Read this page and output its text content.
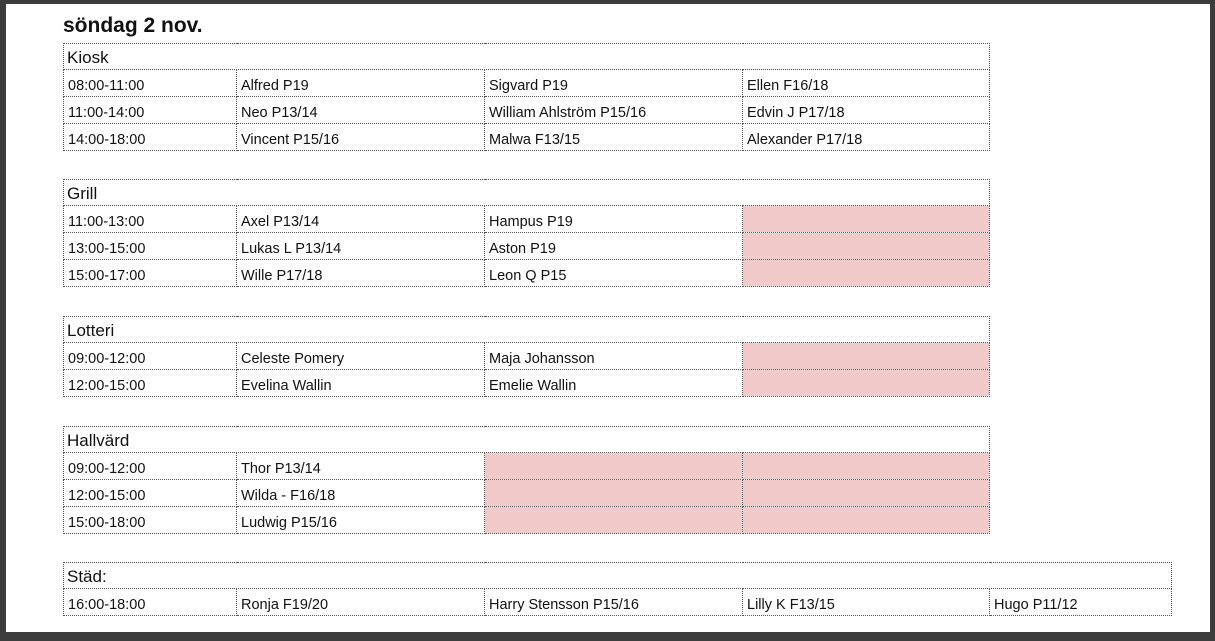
söndag 2 nov.
Kiosk			
08:00-11:00	Alfred P19	Sigvard P19	Ellen F16/18
11:00-14:00	Neo P13/14	William Ahlström P15/16	Edvin J P17/18
14:00-18:00	Vincent P15/16	Malwa F13/15	Alexander P17/18
Grill			
11:00-13:00	Axel P13/14	Hampus P19	
13:00-15:00	Lukas L P13/14	Aston P19	
15:00-17:00	Wille P17/18	Leon Q P15	
Lotteri			
09:00-12:00	Celeste Pomery	Maja Johansson	
12:00-15:00	Evelina Wallin	Emelie Wallin	
Hallvärd			
09:00-12:00	Thor P13/14		
12:00-15:00	Wilda - F16/18		
15:00-18:00	Ludwig P15/16		
Städ:
16:00-18:00	Ronja F19/20	Harry Stensson P15/16	Lilly K F13/15	Hugo P11/12
